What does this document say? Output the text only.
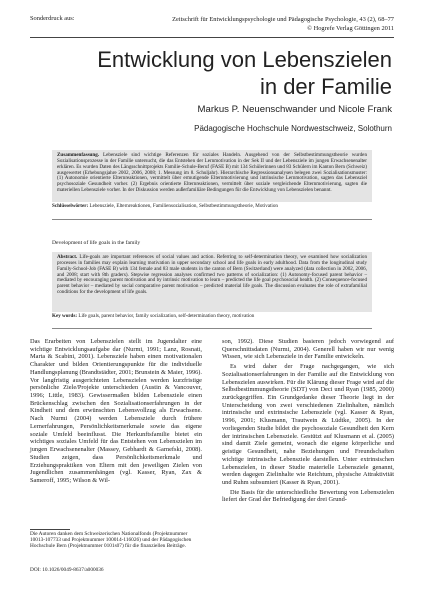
Sonderdruck aus:	Zeitschrift für Entwicklungspsychologie und Pädagogische Psychologie, 43 (2), 68–77
© Hogrefe Verlag Göttingen 2011
Entwicklung von Lebenszielen
in der Familie
Markus P. Neuenschwander und Nicole Frank
Pädagogische Hochschule Nordwestschweiz, Solothurn

Zusammenfassung. Lebensziele sind wichtige Referenzen für soziales Handeln. Ausgehend von der Selbstbestimmungstheorie wurden Sozialisationsprozesse in der Familie untersucht, die das Entstehen der Lernmotivation in der Sek II und der Lebensziele im jungen Erwachsenenalter erklären. Es wurden Daten des Längsschnittprojekts Familie-Schule-Beruf (FASE B) mit 134 Schülerinnen und 83 Schülern im Kanton Bern (Schweiz) ausgewertet (Erhebungsjahre 2002, 2006, 2008; 1. Messung im 8. Schuljahr). Hierarchische Regressionsanalysen belegen zwei Sozialisationsmuster: (1) Autonomie orientierte Elternreaktionen, vermittelt über ermutigende Elternmotivierung und intrinsische Lernmotivation, sagten das Lebensziel psychosoziale Gesundheit vorher. (2) Ergebnis orientierte Elternreaktionen, vermittelt über soziale vergleichende Elternmotivierung, sagten die materiellen Lebensziele vorher. In der Diskussion werden außerfamiliäre Bedingungen für die Entwicklung von Lebenszielen benannt.

Schlüsselwörter: Lebensziele, Elternreaktionen, Familiensozialisation, Selbstbestimmungstheorie, Motivation
Development of life goals in the family

Abstract. Life-goals are important references of social values and action. Referring to self-determination theory, we examined how socialization processes in families may explain learning motivation in upper secondary school and life goals in early adulthood. Data from the longitudinal study Family-School-Job (FASE B) with 134 female and 83 male students in the canton of Bern (Switzerland) were analyzed (data collection in 2002, 2006, and 2008; start with 8th graders). Stepwise regression analyses confirmed two patterns of socialization: (1) Autonomy-focused parent behavior – mediated by encouraging parent motivation and by intrinsic motivation to learn – predicted the life goal psychosocial health. (2) Consequence-focused parent behavior – mediated by social comparative parent motivation – predicted material life goals. The discussion evaluates the role of extrafamilial conditions for the development of life goals.

Key words: Life goals, parent behavior, family socialization, self-determination theory, motivation

Das Erarbeiten von Lebenszielen stellt im Jugendalter eine wichtige Entwicklungsaufgabe dar (Nurmi, 1991; Lanz, Rosnati, Marta & Scabini, 2001). Lebensziele haben einen motivationalen Charakter und bilden Orientierungspunkte für die individuelle Handlungsplanung (Brandtstädter, 2001; Brunstein & Maier, 1996). Vor langfristig ausgerichteten Lebenszielen werden kurzfristige persönliche Ziele/Projekte unterschieden (Austin & Vancouver, 1996; Little, 1983). Gewissermaßen bilden Lebensziele einen Brückenschlag zwischen den Sozialisationserfahrungen in der Kindheit und dem erwünschten Lebensvollzug als Erwachsene. Nach Nurmi (2004) werden Lebensziele durch frühere Lernerfahrungen, Persönlichkeitsmerkmale sowie das eigene soziale Umfeld beeinflusst. Die Herkunftsfamilie bietet ein wichtiges soziales Umfeld für das Entstehen von Lebenszielen im jungen Erwachsenenalter (Massey, Gebhardt & Garnefski, 2008). Studien zeigen, dass Persönlichkeitsmerkmale und Erziehungspraktiken von Eltern mit den jeweiligen Zielen von Jugendlichen zusammenhängen (vgl. Kasser, Ryan, Zax & Sameroff, 1995; Wilson & Wil-

son, 1992). Diese Studien basieren jedoch vorwiegend auf Querschnittsdaten (Nurmi, 2004). Generell haben wir nur wenig Wissen, wie sich Lebensziele in der Familie entwickeln.

Es wird daher der Frage nachgegangen, wie sich Sozialisationserfahrungen in der Familie auf die Entwicklung von Lebenszielen auswirken. Für die Klärung dieser Frage wird auf die Selbstbestimmungstheorie (SDT) von Deci und Ryan (1985, 2000) zurückgegriffen. Ein Grundgedanke dieser Theorie liegt in der Unterscheidung von zwei verschiedenen Zielinhalten, nämlich intrinsische und extrinsische Lebensziele (vgl. Kasser & Ryan, 1996, 2001; Klusmann, Trautwein & Lüdtke, 2005). In der vorliegenden Studie bildet die psychosoziale Gesundheit den Kern der intrinsischen Lebensziele. Gestützt auf Klusmann et al. (2005) sind damit Ziele gemeint, wonach die eigene körperliche und geistige Gesundheit, nahe Beziehungen und Freundschaften wichtige intrinsische Lebensziele darstellen. Unter extrinsischen Lebenszielen, in dieser Studie materielle Lebensziele genannt, werden dagegen Zielinhalte wie Reichtum, physische Attraktivität und Ruhm subsumiert (Kasser & Ryan, 2001).

Die Basis für die unterschiedliche Bewertung von Lebenszielen liefert der Grad der Befriedigung der drei Grund-

Die Autoren danken dem Schweizerischen Nationalfonds (Projektnummer 10013-107733 und Projektnummer 100014-116026) und der Pädagogischen Hochschule Bern (Projektnummer 0101s07) für die finanziellen Beiträge.
DOI: 10.1026/0049-8637/a000036
